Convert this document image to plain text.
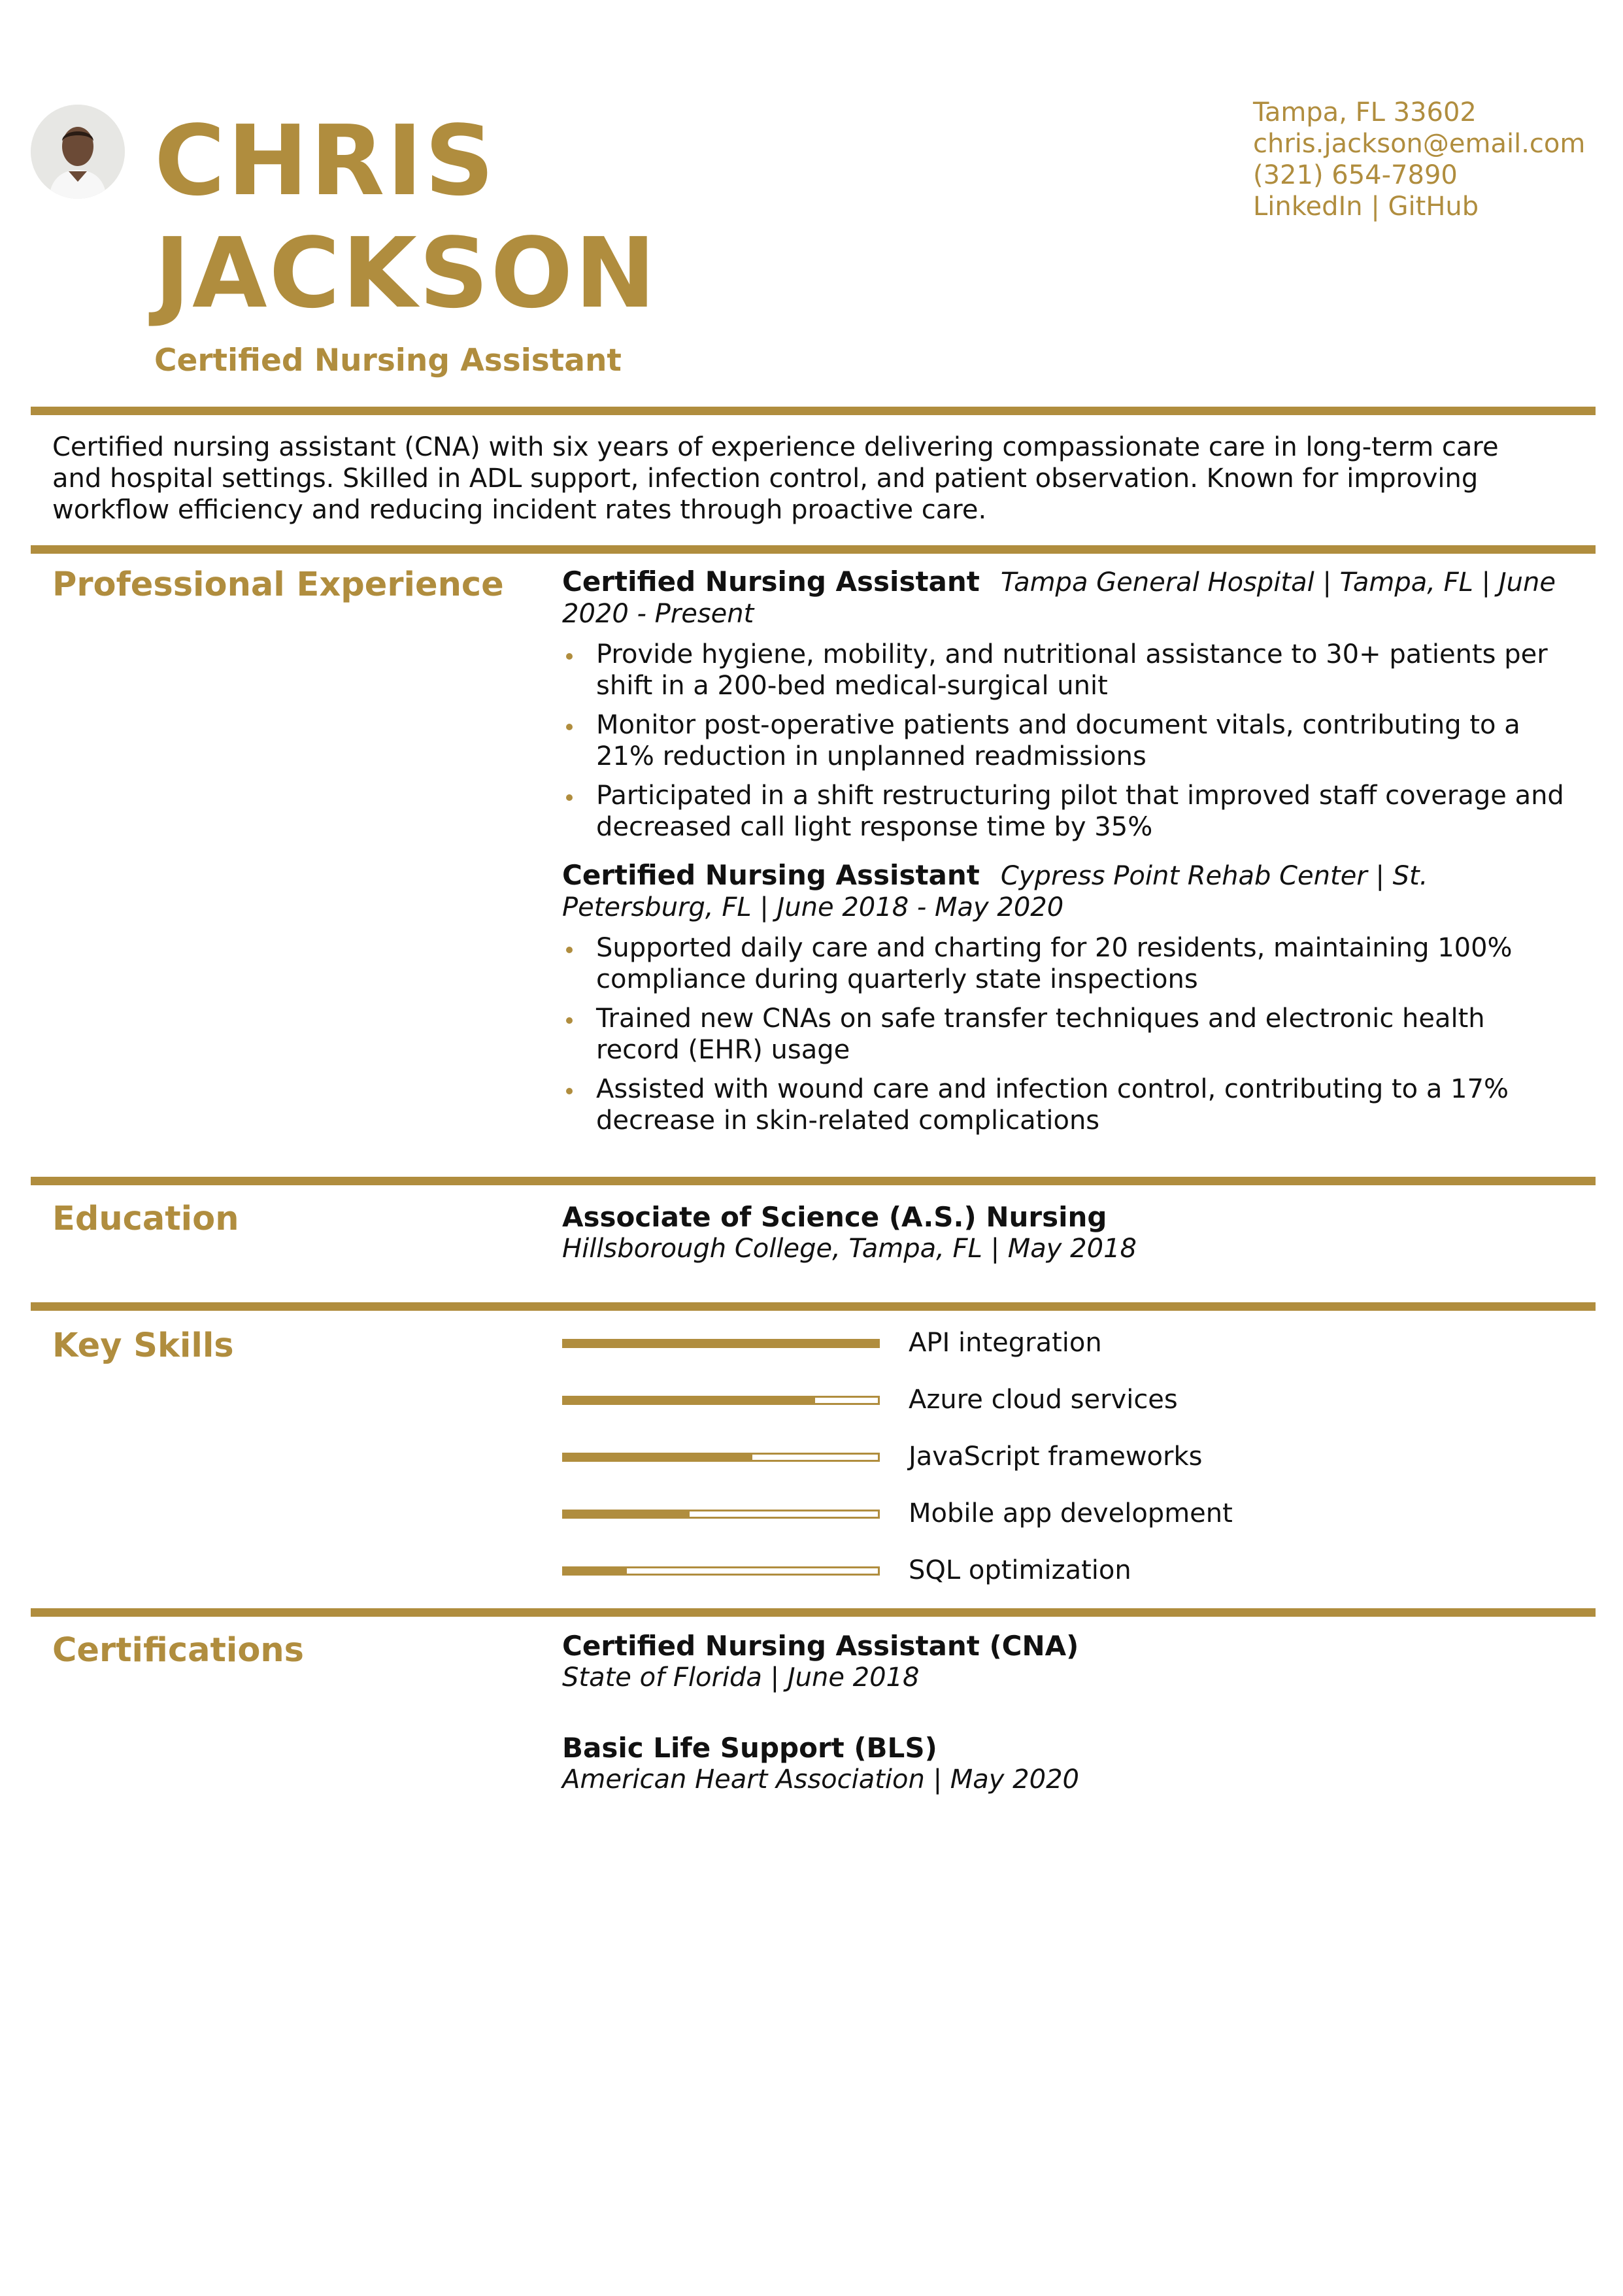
CHRIS
JACKSON
Certified Nursing Assistant
Tampa, FL 33602
chris.jackson@email.com
(321) 654-7890
LinkedIn | GitHub
Certified nursing assistant (CNA) with six years of experience delivering compassionate care in long-term care and hospital settings. Skilled in ADL support, infection control, and patient observation. Known for improving workflow efficiency and reducing incident rates through proactive care.
Professional Experience Certified Nursing Assistant Tampa General Hospital | Tampa, FL | June 2020 - Present
Provide hygiene, mobility, and nutritional assistance to 30+ patients per shift in a 200-bed medical-surgical unit
Monitor post-operative patients and document vitals, contributing to a 21% reduction in unplanned readmissions
Participated in a shift restructuring pilot that improved staff coverage and decreased call light response time by 35%
Certified Nursing Assistant Cypress Point Rehab Center | St. Petersburg, FL | June 2018 - May 2020
Supported daily care and charting for 20 residents, maintaining 100% compliance during quarterly state inspections
Trained new CNAs on safe transfer techniques and electronic health record (EHR) usage
Assisted with wound care and infection control, contributing to a 17% decrease in skin-related complications
Education	Associate of Science (A.S.) Nursing
Hillsborough College, Tampa, FL | May 2018
Key Skills	API integration
Azure cloud services
JavaScript frameworks
Mobile app development
SQL optimization
Certifications	Certified Nursing Assistant (CNA)
State of Florida | June 2018
Basic Life Support (BLS)
American Heart Association | May 2020
